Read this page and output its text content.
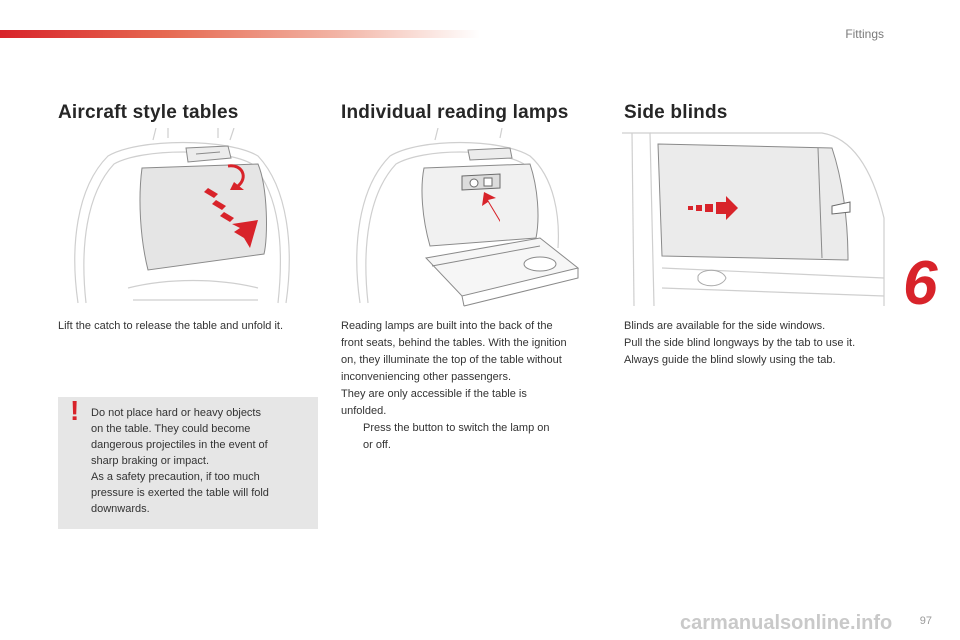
Fittings
6
Aircraft style tables
Lift the catch to release the table and unfold it.
! Do not place hard or heavy objects

on the table. They could become

dangerous projectiles in the event of

sharp braking or impact.

As a safety precaution, if too much

pressure is exerted the table will fold

downwards.

Individual reading lamps

Reading lamps are built into the back of the

front seats, behind the tables. With the ignition

on, they illuminate the top of the table without

inconveniencing other passengers.

They are only accessible if the table is

unfolded.

Press the button to switch the lamp on
or off.
Side blinds

Blinds are available for the side windows.

Pull the side blind longways by the tab to use it.

Always guide the blind slowly using the tab.

carmanualsonline.info 97
